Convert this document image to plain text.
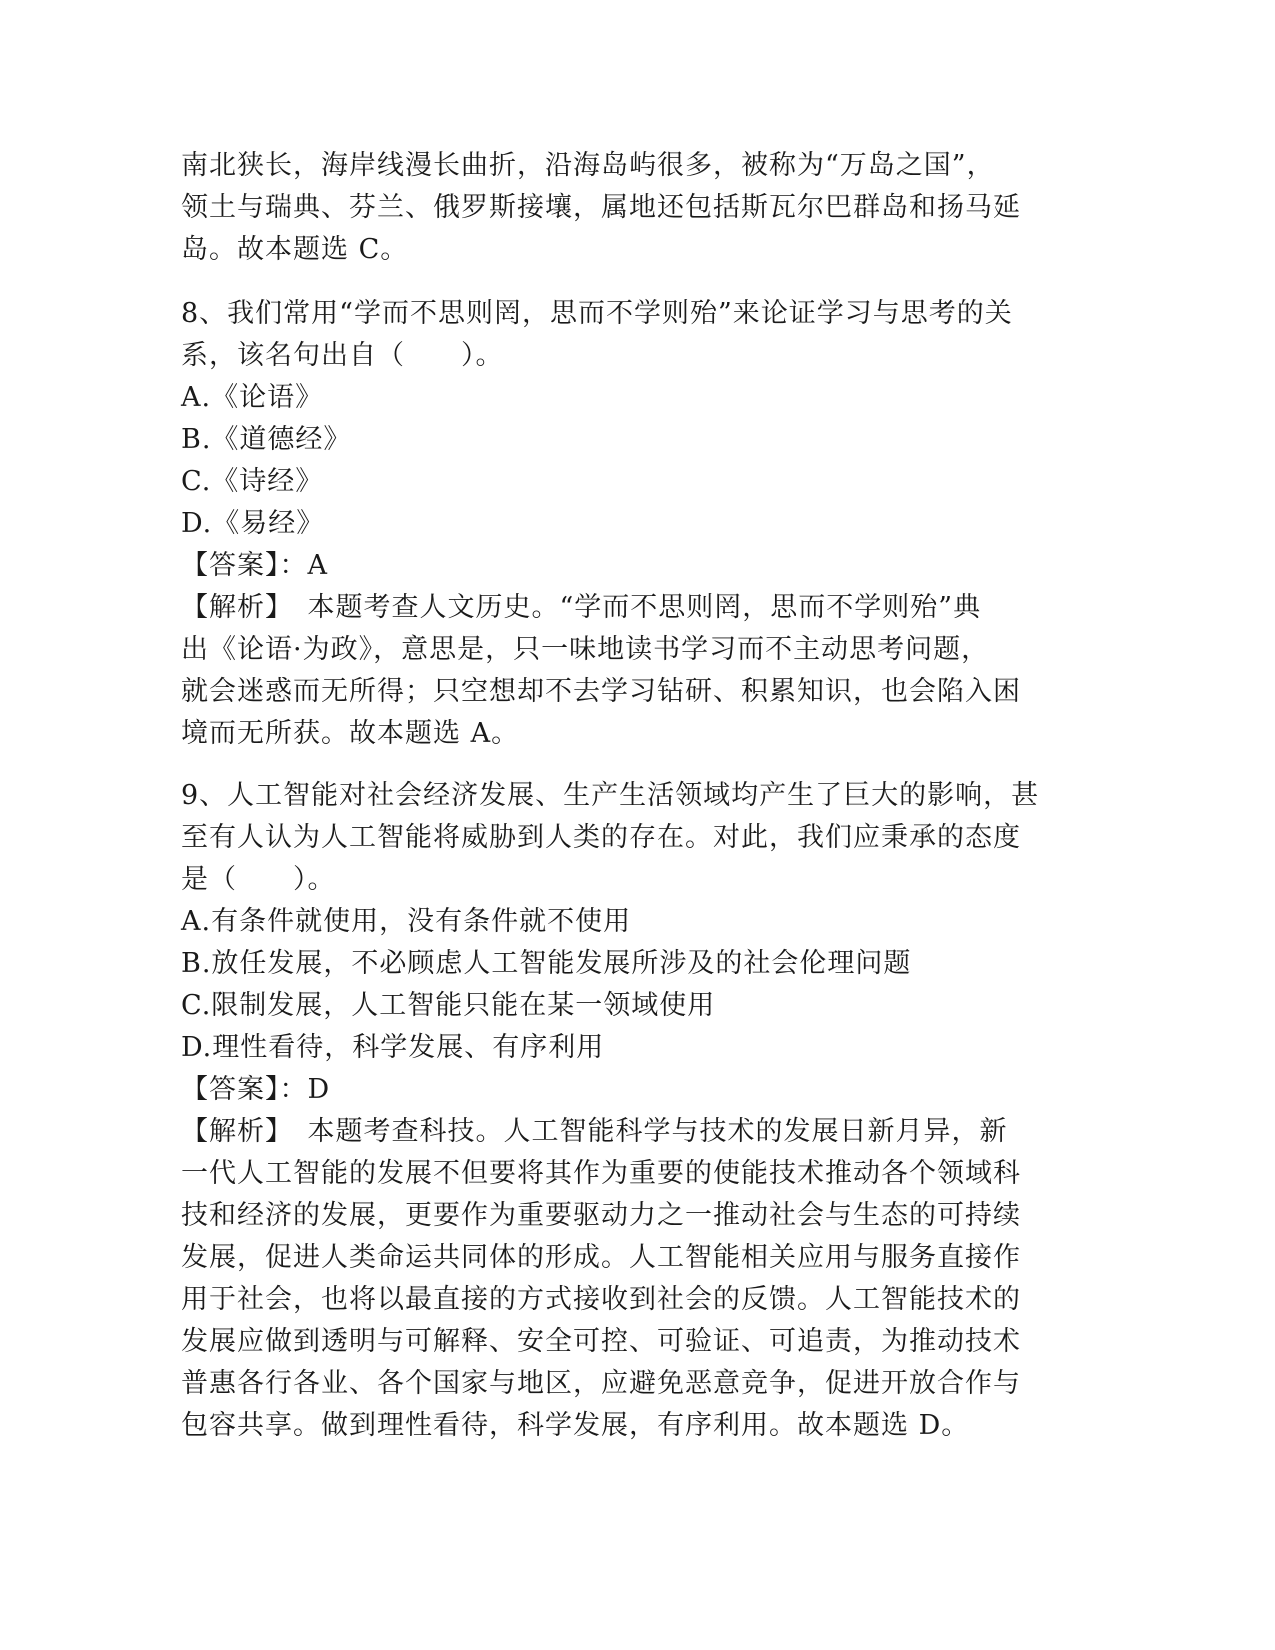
南北狭长，海岸线漫长曲折，沿海岛屿很多，被称为“万岛之国”，
领土与瑞典、芬兰、俄罗斯接壤，属地还包括斯瓦尔巴群岛和扬马延
岛。故本题选 C。
8、我们常用“学而不思则罔，思而不学则殆”来论证学习与思考的关
系，该名句出自（　　）。
A.《论语》
B.《道德经》
C.《诗经》
D.《易经》
【答案】：A
【解析】　本题考查人文历史。“学而不思则罔，思而不学则殆”典
出《论语·为政》，意思是，只一味地读书学习而不主动思考问题，
就会迷惑而无所得；只空想却不去学习钻研、积累知识，也会陷入困
境而无所获。故本题选 A。
9、人工智能对社会经济发展、生产生活领域均产生了巨大的影响，甚
至有人认为人工智能将威胁到人类的存在。对此，我们应秉承的态度
是（　　）。
A.有条件就使用，没有条件就不使用
B.放任发展，不必顾虑人工智能发展所涉及的社会伦理问题
C.限制发展，人工智能只能在某一领域使用
D.理性看待，科学发展、有序利用
【答案】：D
【解析】　本题考查科技。人工智能科学与技术的发展日新月异，新
一代人工智能的发展不但要将其作为重要的使能技术推动各个领域科
技和经济的发展，更要作为重要驱动力之一推动社会与生态的可持续
发展，促进人类命运共同体的形成。人工智能相关应用与服务直接作
用于社会，也将以最直接的方式接收到社会的反馈。人工智能技术的
发展应做到透明与可解释、安全可控、可验证、可追责，为推动技术
普惠各行各业、各个国家与地区，应避免恶意竞争，促进开放合作与
包容共享。做到理性看待，科学发展，有序利用。故本题选 D。
